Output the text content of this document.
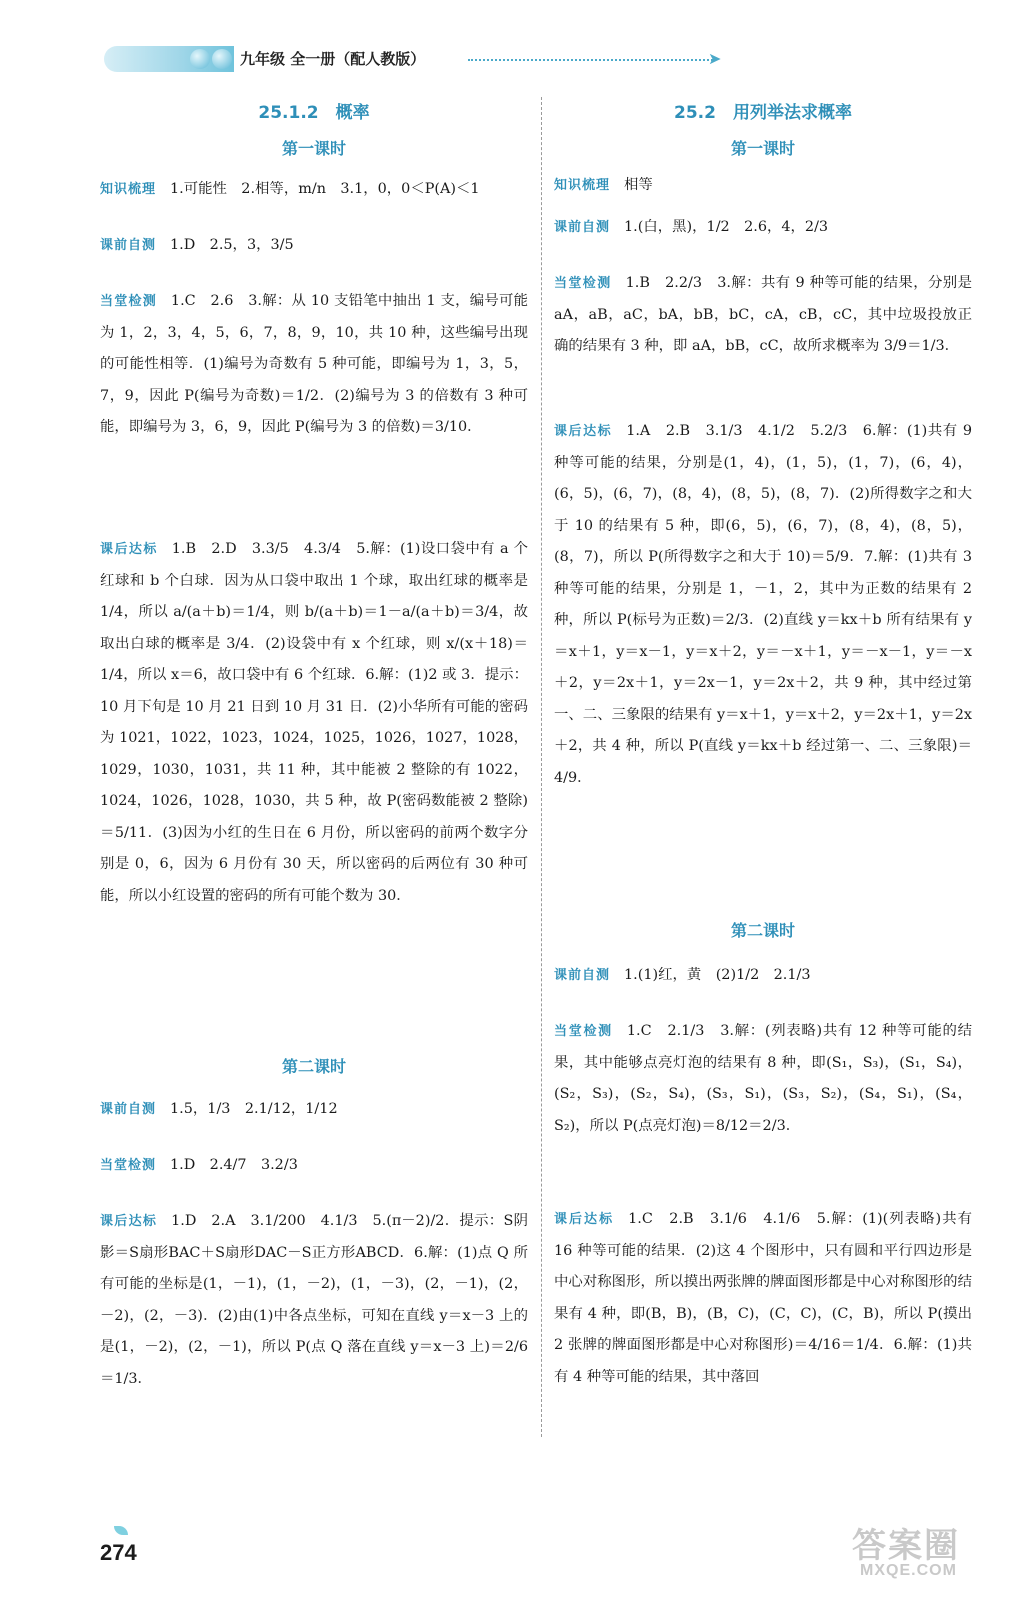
九年级 全一册（配人教版）	➤
25.1.2　概率
第一课时
知识梳理 1.可能性　2.相等，m/n　3.1，0，0＜P(A)＜1
课前自测 1.D　2.5，3，3/5
当堂检测 1.C　2.6　3.解：从 10 支铅笔中抽出 1 支，编号可能为 1，2，3，4，5，6，7，8，9，10，共 10 种，这些编号出现的可能性相等．(1)编号为奇数有 5 种可能，即编号为 1，3，5，7，9，因此 P(编号为奇数)＝1/2．(2)编号为 3 的倍数有 3 种可能，即编号为 3，6，9，因此 P(编号为 3 的倍数)＝3/10．
课后达标 1.B　2.D　3.3/5　4.3/4　5.解：(1)设口袋中有 a 个红球和 b 个白球．因为从口袋中取出 1 个球，取出红球的概率是 1/4，所以 a/(a＋b)＝1/4，则 b/(a＋b)＝1－a/(a＋b)＝3/4，故取出白球的概率是 3/4．(2)设袋中有 x 个红球，则 x/(x＋18)＝1/4，所以 x＝6，故口袋中有 6 个红球．6.解：(1)2 或 3．提示：10 月下旬是 10 月 21 日到 10 月 31 日．(2)小华所有可能的密码为 1021，1022，1023，1024，1025，1026，1027，1028，1029，1030，1031，共 11 种，其中能被 2 整除的有 1022，1024，1026，1028，1030，共 5 种，故 P(密码数能被 2 整除)＝5/11．(3)因为小红的生日在 6 月份，所以密码的前两个数字分别是 0，6，因为 6 月份有 30 天，所以密码的后两位有 30 种可能，所以小红设置的密码的所有可能个数为 30．
第二课时
课前自测 1.5，1/3　2.1/12，1/12
当堂检测 1.D　2.4/7　3.2/3
课后达标 1.D　2.A　3.1/200　4.1/3　5.(π－2)/2．提示：S阴影＝S扇形BAC＋S扇形DAC－S正方形ABCD．6.解：(1)点 Q 所有可能的坐标是(1，－1)，(1，－2)，(1，－3)，(2，－1)，(2，－2)，(2，－3)．(2)由(1)中各点坐标，可知在直线 y＝x－3 上的是(1，－2)，(2，－1)，所以 P(点 Q 落在直线 y＝x－3 上)＝2/6＝1/3．
25.2　用列举法求概率
第一课时
知识梳理 相等
课前自测 1.(白，黑)，1/2　2.6，4，2/3
当堂检测 1.B　2.2/3　3.解：共有 9 种等可能的结果，分别是 aA，aB，aC，bA，bB，bC，cA，cB，cC，其中垃圾投放正确的结果有 3 种，即 aA，bB，cC，故所求概率为 3/9＝1/3．
课后达标 1.A　2.B　3.1/3　4.1/2　5.2/3　6.解：(1)共有 9 种等可能的结果，分别是(1，4)，(1，5)，(1，7)，(6，4)，(6，5)，(6，7)，(8，4)，(8，5)，(8，7)．(2)所得数字之和大于 10 的结果有 5 种，即(6，5)，(6，7)，(8，4)，(8，5)，(8，7)，所以 P(所得数字之和大于 10)＝5/9．7.解：(1)共有 3 种等可能的结果，分别是 1，－1，2，其中为正数的结果有 2 种，所以 P(标号为正数)＝2/3．(2)直线 y＝kx＋b 所有结果有 y＝x＋1，y＝x－1，y＝x＋2，y＝－x＋1，y＝－x－1，y＝－x＋2，y＝2x＋1，y＝2x－1，y＝2x＋2，共 9 种，其中经过第一、二、三象限的结果有 y＝x＋1，y＝x＋2，y＝2x＋1，y＝2x＋2，共 4 种，所以 P(直线 y＝kx＋b 经过第一、二、三象限)＝4/9．
第二课时
课前自测 1.(1)红，黄　(2)1/2　2.1/3
当堂检测 1.C　2.1/3　3.解：(列表略)共有 12 种等可能的结果，其中能够点亮灯泡的结果有 8 种，即(S₁，S₃)，(S₁，S₄)，(S₂，S₃)，(S₂，S₄)，(S₃，S₁)，(S₃，S₂)，(S₄，S₁)，(S₄，S₂)，所以 P(点亮灯泡)＝8/12＝2/3．
课后达标 1.C　2.B　3.1/6　4.1/6　5.解：(1)(列表略)共有 16 种等可能的结果．(2)这 4 个图形中，只有圆和平行四边形是中心对称图形，所以摸出两张牌的牌面图形都是中心对称图形的结果有 4 种，即(B，B)，(B，C)，(C，C)，(C，B)，所以 P(摸出 2 张牌的牌面图形都是中心对称图形)＝4/16＝1/4．6.解：(1)共有 4 种等可能的结果，其中落回
274	答案圈
MXQE.COM
